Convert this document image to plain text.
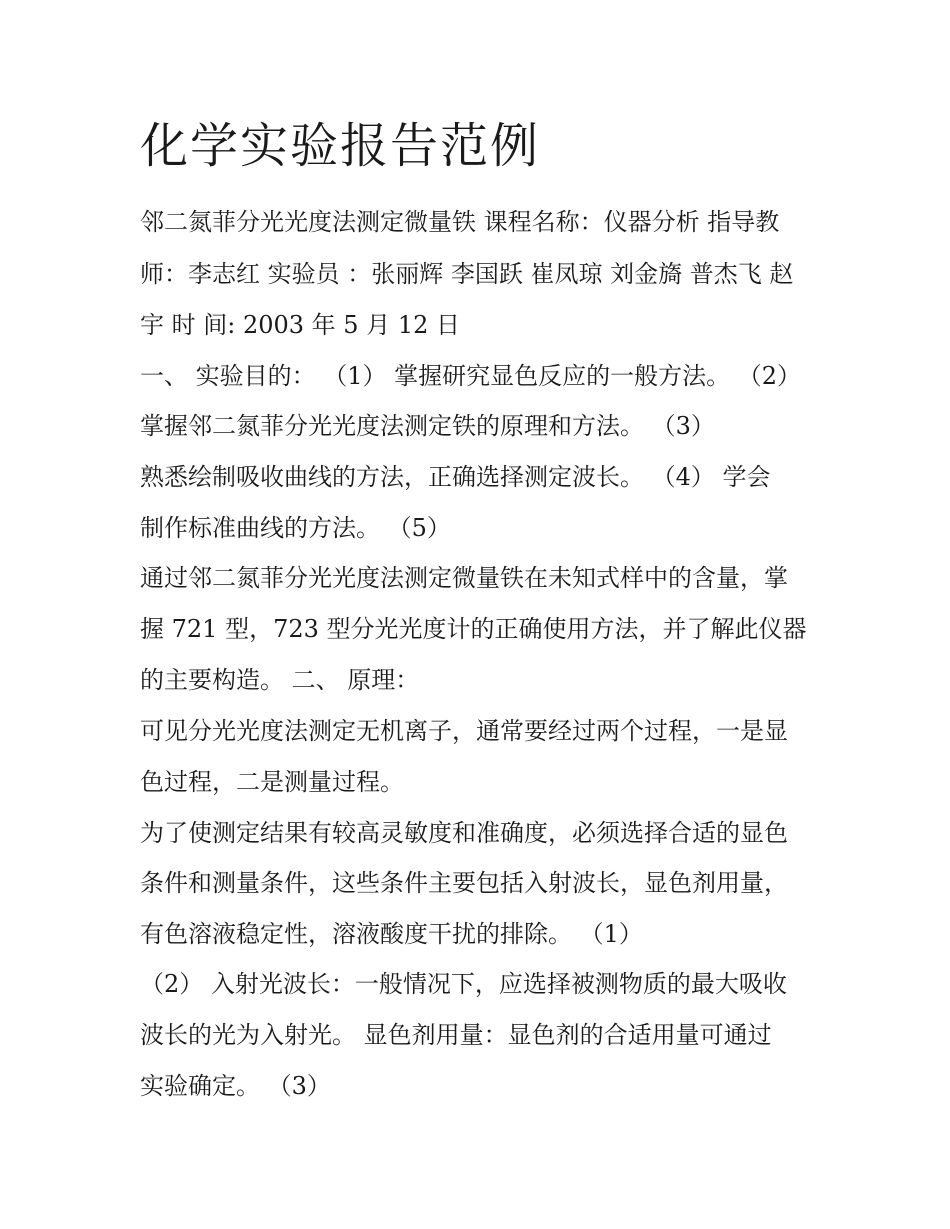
化学实验报告范例

邻二氮菲分光光度法测定微量铁 课程名称：仪器分析 指导教

师：李志红 实验员 ：张丽辉 李国跃 崔凤琼 刘金旖 普杰飞 赵

宇 时 间: 2003 年 5 月 12 日

一、 实验目的： （1） 掌握研究显色反应的一般方法。 （2）

掌握邻二氮菲分光光度法测定铁的原理和方法。 （3）

熟悉绘制吸收曲线的方法，正确选择测定波长。 （4） 学会

制作标准曲线的方法。 （5）

通过邻二氮菲分光光度法测定微量铁在未知式样中的含量，掌

握 721 型，723 型分光光度计的正确使用方法，并了解此仪器

的主要构造。 二、 原理：

可见分光光度法测定无机离子，通常要经过两个过程，一是显

色过程，二是测量过程。

为了使测定结果有较高灵敏度和准确度，必须选择合适的显色

条件和测量条件，这些条件主要包括入射波长，显色剂用量，

有色溶液稳定性，溶液酸度干扰的排除。 （1）

（2） 入射光波长：一般情况下，应选择被测物质的最大吸收

波长的光为入射光。 显色剂用量：显色剂的合适用量可通过

实验确定。 （3）
